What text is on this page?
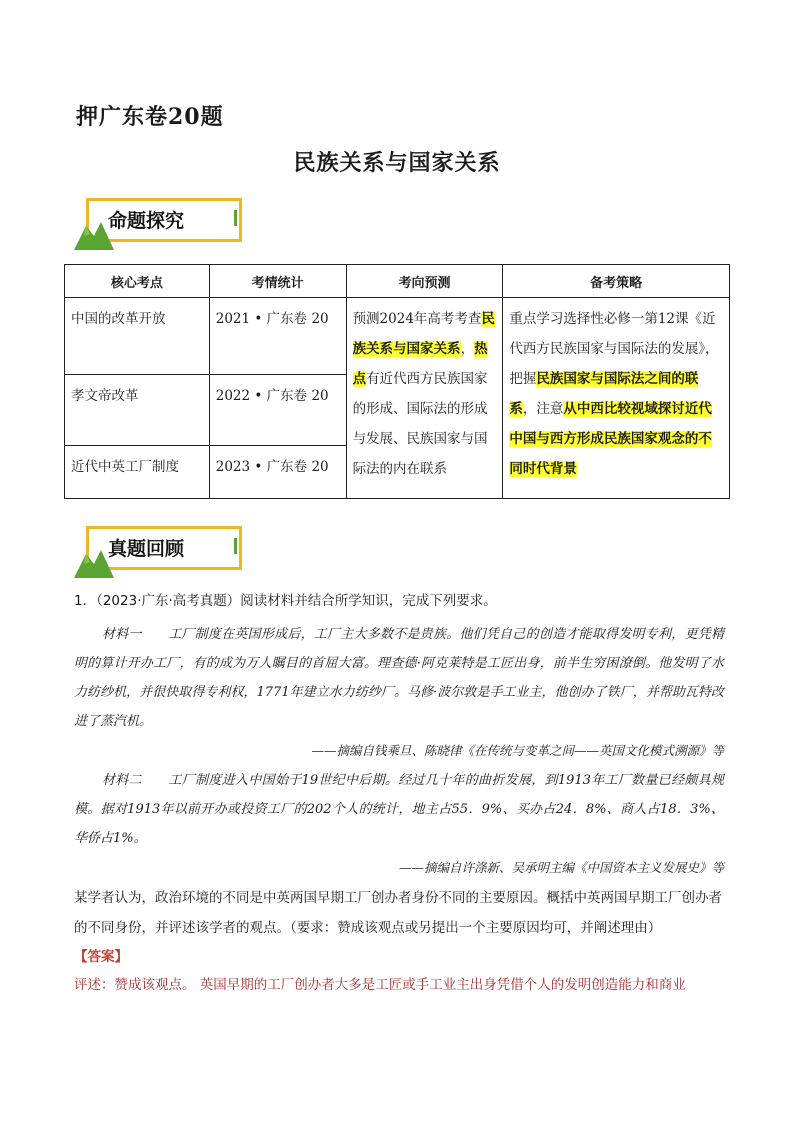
押广东卷20题
民族关系与国家关系
命题探究
核心考点	考情统计	考向预测	备考策略
中国的改革开放	2021 • 广东卷 20	预测2024年高考考查民族关系与国家关系，热点有近代西方民族国家的形成、国际法的形成与发展、民族国家与国际法的内在联系	重点学习选择性必修一第12课《近代西方民族国家与国际法的发展》，把握民族国家与国际法之间的联系，注意从中西比较视域探讨近代中国与西方形成民族国家观念的不同时代背景
孝文帝改革	2022 • 广东卷 20		
近代中英工厂制度	2023 • 广东卷 20		
真题回顾

1．（2023·广东·高考真题）阅读材料并结合所学知识，完成下列要求。

材料一　　工厂制度在英国形成后，工厂主大多数不是贵族。他们凭自己的创造才能取得发明专利，更凭精明的算计开办工厂，有的成为万人瞩目的首屈大富。理查德·阿克莱特是工匠出身，前半生穷困潦倒。他发明了水力纺纱机，并很快取得专利权，1771年建立水力纺纱厂。马修·波尔敦是手工业主，他创办了铁厂，并帮助瓦特改进了蒸汽机。

——摘编自钱乘旦、陈晓律《在传统与变革之间——英国文化模式溯源》等

材料二　　工厂制度进入中国始于19世纪中后期。经过几十年的曲折发展，到1913年工厂数量已经颇具规模。据对1913年以前开办或投资工厂的202个人的统计，地主占55．9%、买办占24．8%、商人占18．3%、华侨占1%。

——摘编自许涤新、吴承明主编《中国资本主义发展史》等

某学者认为，政治环境的不同是中英两国早期工厂创办者身份不同的主要原因。概括中英两国早期工厂创办者的不同身份，并评述该学者的观点。（要求：赞成该观点或另提出一个主要原因均可，并阐述理由）

【答案】

评述：赞成该观点。 英国早期的工厂创办者大多是工匠或手工业主出身凭借个人的发明创造能力和商业
